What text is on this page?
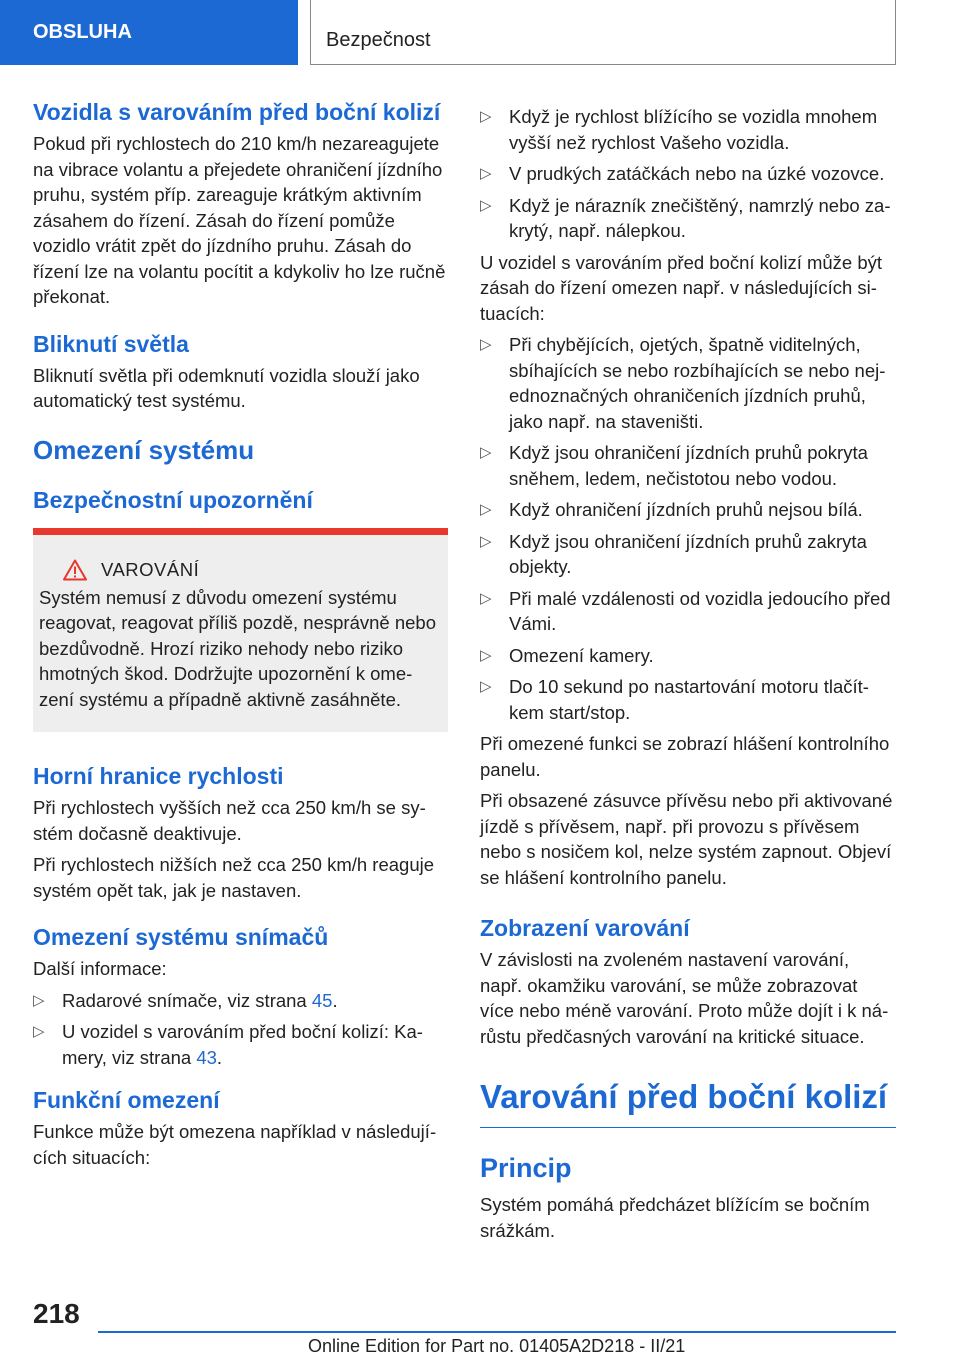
OBSLUHA	Bezpečnost
Vozidla s varováním před boční kolizí

Pokud při rychlostech do 210 km/h nezareagujete na vibrace volantu a přejedete ohraničení jízdního pruhu, systém příp. zareaguje krátkým aktivním zásahem do řízení. Zásah do řízení pomůže vozidlo vrátit zpět do jízdního pruhu. Zásah do řízení lze na volantu pocítit a kdykoliv ho lze ručně překonat.

Bliknutí světla

Bliknutí světla při odemknutí vozidla slouží jako automatický test systému.

Omezení systému
Bezpečnostní upozornění
VAROVÁNÍ

Systém nemusí z důvodu omezení systému reagovat, reagovat příliš pozdě, nesprávně nebo bezdůvodně. Hrozí riziko nehody nebo riziko hmotných škod. Dodržujte upozornění k omezení systému a případně aktivně zasáhněte.

Horní hranice rychlosti

Při rychlostech vyšších než cca 250 km/h se systém dočasně deaktivuje.

Při rychlostech nižších než cca 250 km/h reaguje systém opět tak, jak je nastaven.

Omezení systému snímačů

Další informace:

▷ Radarové snímače, viz strana 45.
▷ U vozidel s varováním před boční kolizí: Kamery, viz strana 43.
Funkční omezení

Funkce může být omezena například v následujících situacích:

▷ Když je rychlost blížícího se vozidla mnohem vyšší než rychlost Vašeho vozidla.
▷ V prudkých zatáčkách nebo na úzké vozovce.
▷ Když je nárazník znečištěný, namrzlý nebo zakrytý, např. nálepkou.

U vozidel s varováním před boční kolizí může být zásah do řízení omezen např. v následujících situacích:

▷ Při chybějících, ojetých, špatně viditelných, sbíhajících se nebo rozbíhajících se nebo nejednoznačných ohraničeních jízdních pruhů, jako např. na staveništi.
▷ Když jsou ohraničení jízdních pruhů pokryta sněhem, ledem, nečistotou nebo vodou.
▷ Když ohraničení jízdních pruhů nejsou bílá.
▷ Když jsou ohraničení jízdních pruhů zakryta objekty.
▷ Při malé vzdálenosti od vozidla jedoucího před Vámi.
▷ Omezení kamery.
▷ Do 10 sekund po nastartování motoru tlačítkem start/stop.

Při omezené funkci se zobrazí hlášení kontrolního panelu.

Při obsazené zásuvce přívěsu nebo při aktivované jízdě s přívěsem, např. při provozu s přívěsem nebo s nosičem kol, nelze systém zapnout. Objeví se hlášení kontrolního panelu.

Zobrazení varování

V závislosti na zvoleném nastavení varování, např. okamžiku varování, se může zobrazovat více nebo méně varování. Proto může dojít i k nárůstu předčasných varování na kritické situace.

Varování před boční kolizí
Princip

Systém pomáhá předcházet blížícím se bočním srážkám.

218
Online Edition for Part no. 01405A2D218 - II/21
